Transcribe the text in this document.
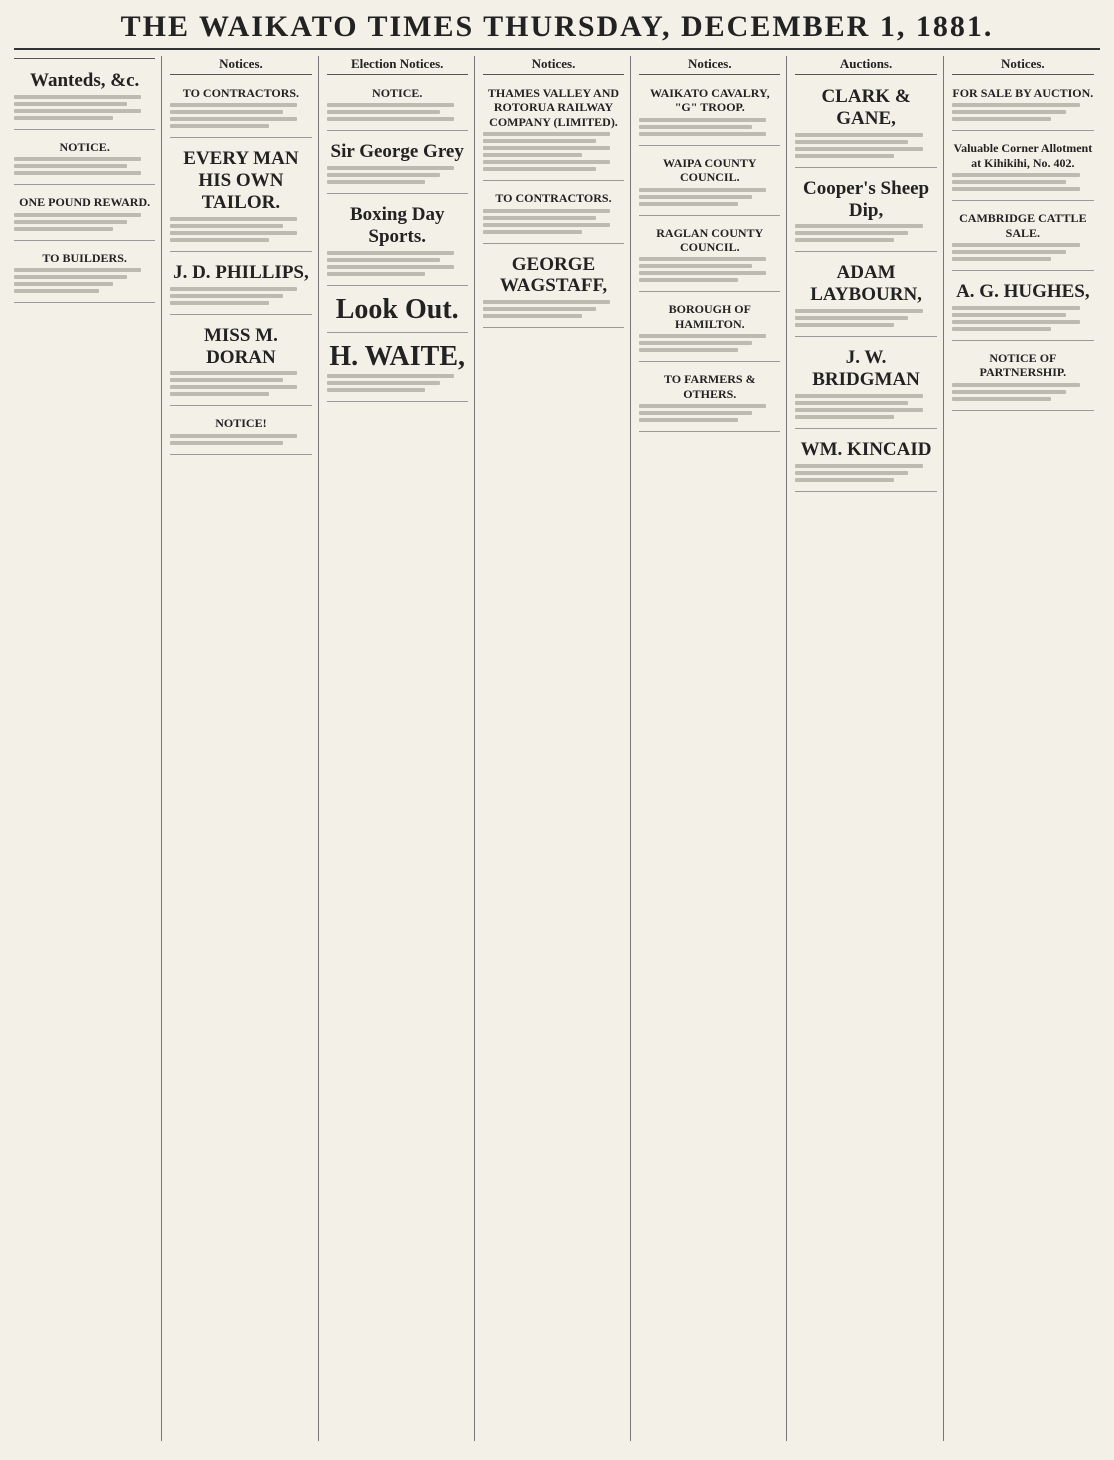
THE WAIKATO TIMES THURSDAY, DECEMBER 1, 1881.
Wanteds, &c.
NOTICE.
ONE POUND REWARD.
TO BUILDERS.
Notices.
TO CONTRACTORS.
EVERY MAN HIS OWN TAILOR.
J. D. PHILLIPS,
MISS M. DORAN
NOTICE!
Election Notices.
NOTICE.
Sir George Grey
Boxing Day Sports.
Look Out.
H. WAITE,
Notices.
THAMES VALLEY AND ROTORUA RAILWAY COMPANY (LIMITED).
TO CONTRACTORS.
GEORGE WAGSTAFF,
Notices.
WAIKATO CAVALRY, "G" TROOP.
WAIPA COUNTY COUNCIL.
RAGLAN COUNTY COUNCIL.
BOROUGH OF HAMILTON.
TO FARMERS & OTHERS.
Auctions.
CLARK & GANE,
Cooper's Sheep Dip,
ADAM LAYBOURN,
J. W. BRIDGMAN
WM. KINCAID
Notices.
FOR SALE BY AUCTION.
Valuable Corner Allotment at Kihikihi, No. 402.
CAMBRIDGE CATTLE SALE.
A. G. HUGHES,
NOTICE OF PARTNERSHIP.
